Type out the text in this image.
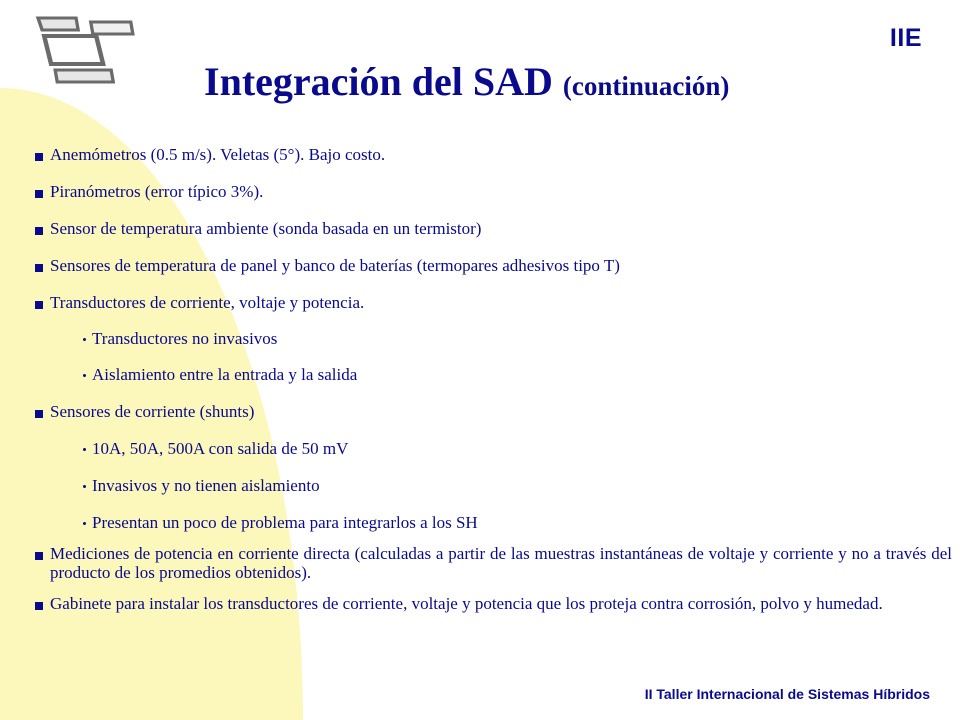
IIE
Integración del SAD (continuación)

Anemómetros (0.5 m/s). Veletas (5°). Bajo costo.

Piranómetros (error típico 3%).

Sensor de temperatura ambiente (sonda basada en un termistor)

Sensores de temperatura de panel y banco de baterías (termopares adhesivos tipo T)

Transductores de corriente, voltaje y potencia.

Transductores no invasivos

Aislamiento entre la entrada y la salida

Sensores de corriente (shunts)

10A, 50A, 500A con salida de 50 mV

Invasivos y no tienen aislamiento

Presentan un poco de problema para integrarlos a los SH

Mediciones de potencia en corriente directa (calculadas a partir de las muestras instantáneas de voltaje y corriente y no a través del producto de los promedios obtenidos).

Gabinete para instalar los transductores de corriente, voltaje y potencia que los proteja contra corrosión, polvo y humedad.

II Taller Internacional de Sistemas Híbridos
